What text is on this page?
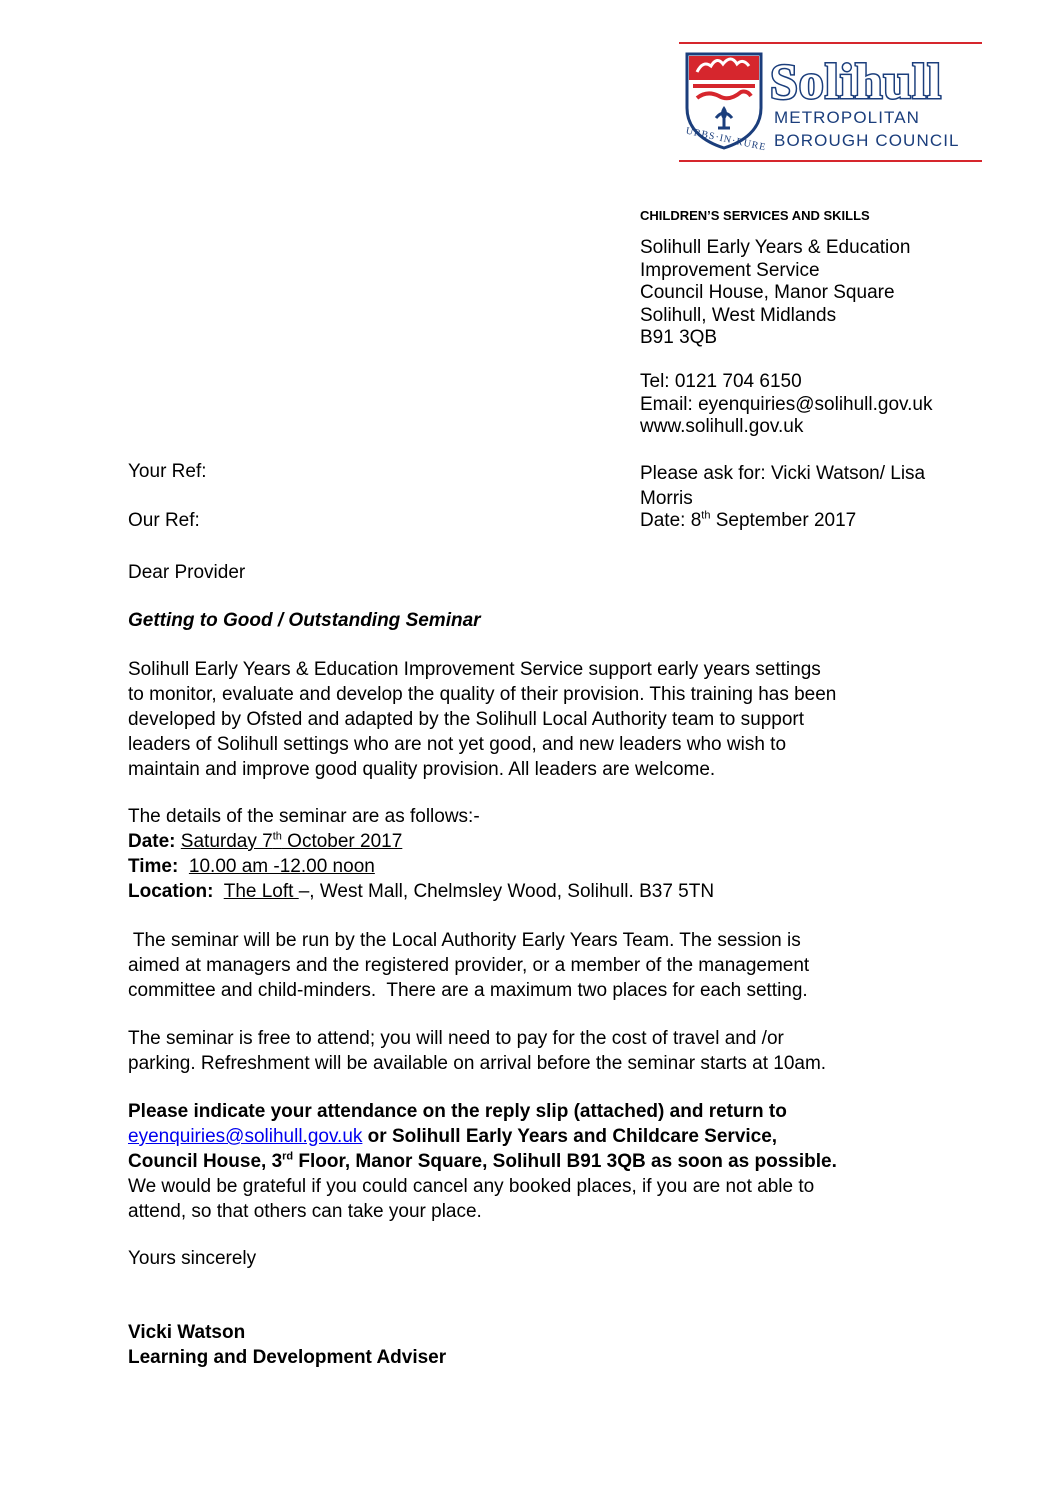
URBS·IN·RURE
Solihull
METROPOLITAN
BOROUGH COUNCIL
CHILDREN’S SERVICES AND SKILLS
Solihull Early Years & Education
Improvement Service
Council House, Manor Square
Solihull, West Midlands
B91 3QB
Tel: 0121 704 6150
Email: eyenquiries@solihull.gov.uk
www.solihull.gov.uk
Your Ref:
Our Ref:
Please ask for: Vicki Watson/ Lisa
Morris
Date: 8th September 2017
Dear Provider
Getting to Good / Outstanding Seminar
Solihull Early Years & Education Improvement Service support early years settings
to monitor, evaluate and develop the quality of their provision. This training has been
developed by Ofsted and adapted by the Solihull Local Authority team to support
leaders of Solihull settings who are not yet good, and new leaders who wish to
maintain and improve good quality provision. All leaders are welcome.
The details of the seminar are as follows:-
Date: Saturday 7th October 2017
Time: 10.00 am -12.00 noon
Location: The Loft –, West Mall, Chelmsley Wood, Solihull. B37 5TN
The seminar will be run by the Local Authority Early Years Team. The session is
aimed at managers and the registered provider, or a member of the management
committee and child-minders.  There are a maximum two places for each setting.
The seminar is free to attend; you will need to pay for the cost of travel and /or
parking. Refreshment will be available on arrival before the seminar starts at 10am.
Please indicate your attendance on the reply slip (attached) and return to
eyenquiries@solihull.gov.uk or Solihull Early Years and Childcare Service,
Council House, 3rd Floor, Manor Square, Solihull B91 3QB as soon as possible.
We would be grateful if you could cancel any booked places, if you are not able to
attend, so that others can take your place.
Yours sincerely
Vicki Watson
Learning and Development Adviser
